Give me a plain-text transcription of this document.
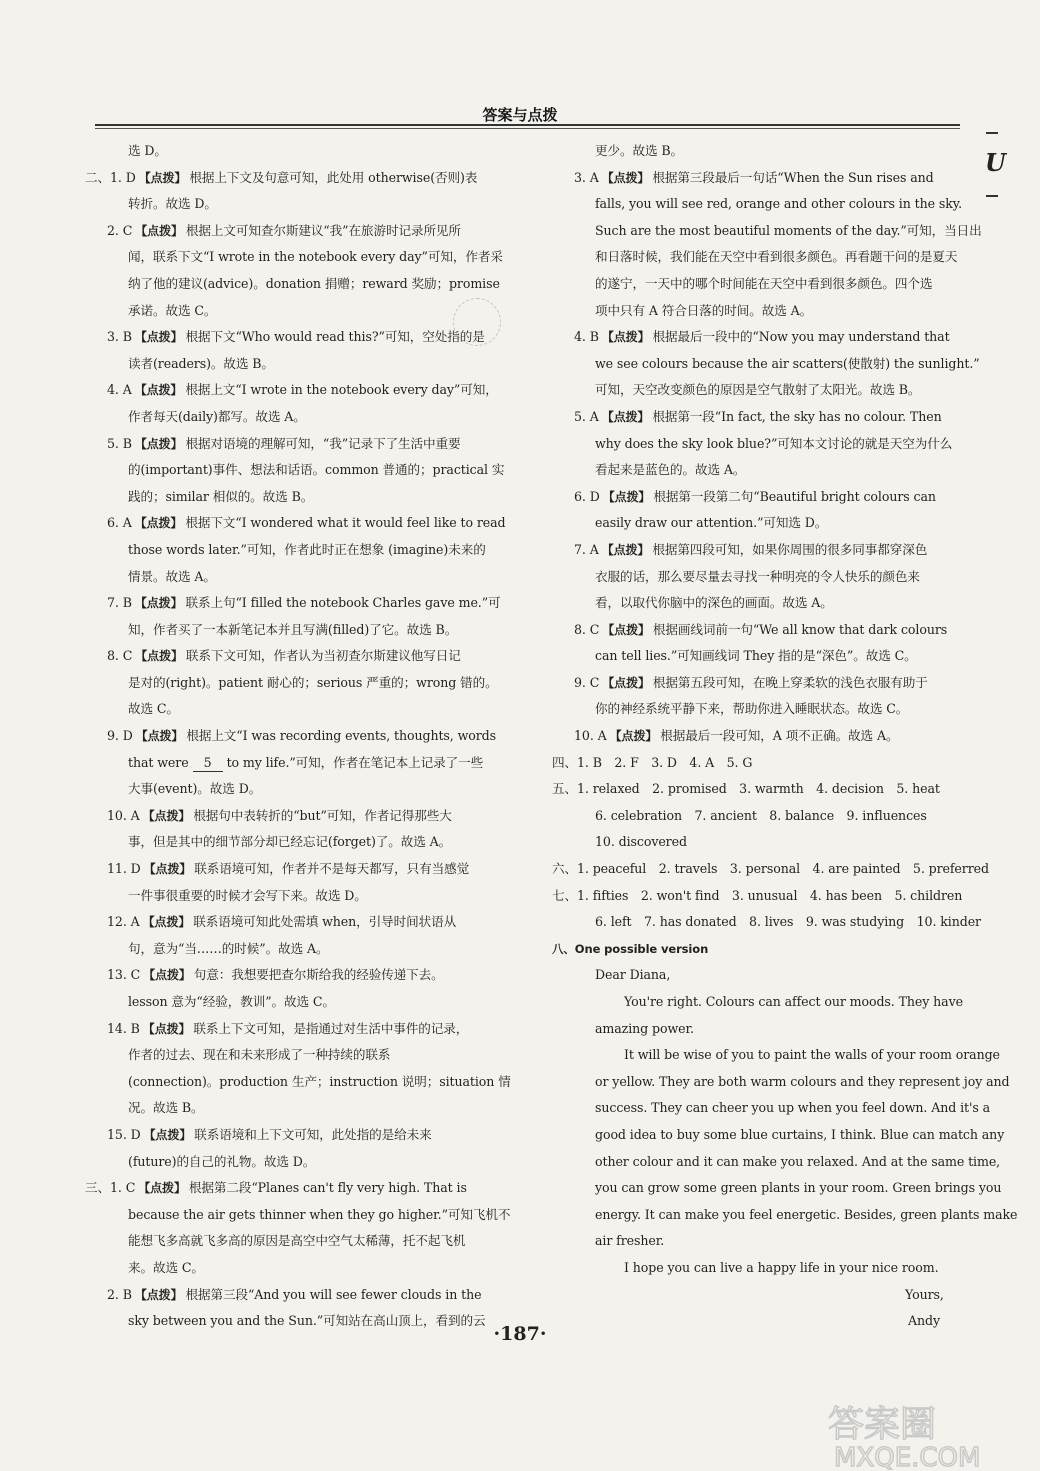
答案与点拨
U
选 D。
二、1. D 【点拨】 根据上下文及句意可知，此处用 otherwise(否则)表
转折。故选 D。
2. C 【点拨】 根据上文可知查尔斯建议“我”在旅游时记录所见所
闻，联系下文“I wrote in the notebook every day”可知，作者采
纳了他的建议(advice)。donation 捐赠；reward 奖励；promise
承诺。故选 C。
3. B 【点拨】 根据下文“Who would read this?”可知，空处指的是
读者(readers)。故选 B。
4. A 【点拨】 根据上文“I wrote in the notebook every day”可知，
作者每天(daily)都写。故选 A。
5. B 【点拨】 根据对语境的理解可知，“我”记录下了生活中重要
的(important)事件、想法和话语。common 普通的；practical 实
践的；similar 相似的。故选 B。
6. A 【点拨】 根据下文“I wondered what it would feel like to read
those words later.”可知，作者此时正在想象 (imagine)未来的
情景。故选 A。
7. B 【点拨】 联系上句“I filled the notebook Charles gave me.”可
知，作者买了一本新笔记本并且写满(filled)了它。故选 B。
8. C 【点拨】 联系下文可知，作者认为当初查尔斯建议他写日记
是对的(right)。patient 耐心的；serious 严重的；wrong 错的。
故选 C。
9. D 【点拨】 根据上文“I was recording events, thoughts, words
that were 5 to my life.”可知，作者在笔记本上记录了一些
大事(event)。故选 D。
10. A 【点拨】 根据句中表转折的“but”可知，作者记得那些大
事，但是其中的细节部分却已经忘记(forget)了。故选 A。
11. D 【点拨】 联系语境可知，作者并不是每天都写，只有当感觉
一件事很重要的时候才会写下来。故选 D。
12. A 【点拨】 联系语境可知此处需填 when，引导时间状语从
句，意为“当……的时候”。故选 A。
13. C 【点拨】 句意：我想要把查尔斯给我的经验传递下去。
lesson 意为“经验，教训”。故选 C。
14. B 【点拨】 联系上下文可知，是指通过对生活中事件的记录，
作者的过去、现在和未来形成了一种持续的联系
(connection)。production 生产；instruction 说明；situation 情
况。故选 B。
15. D 【点拨】 联系语境和上下文可知，此处指的是给未来
(future)的自己的礼物。故选 D。
三、1. C 【点拨】 根据第二段“Planes can't fly very high. That is
because the air gets thinner when they go higher.”可知飞机不
能想飞多高就飞多高的原因是高空中空气太稀薄，托不起飞机
来。故选 C。
2. B 【点拨】 根据第三段“And you will see fewer clouds in the
sky between you and the Sun.”可知站在高山顶上，看到的云
更少。故选 B。
3. A 【点拨】 根据第三段最后一句话“When the Sun rises and
falls, you will see red, orange and other colours in the sky.
Such are the most beautiful moments of the day.”可知，当日出
和日落时候，我们能在天空中看到很多颜色。再看题干问的是夏天
的遂宁，一天中的哪个时间能在天空中看到很多颜色。四个选
项中只有 A 符合日落的时间。故选 A。
4. B 【点拨】 根据最后一段中的“Now you may understand that
we see colours because the air scatters(使散射) the sunlight.”
可知，天空改变颜色的原因是空气散射了太阳光。故选 B。
5. A 【点拨】 根据第一段“In fact, the sky has no colour. Then
why does the sky look blue?”可知本文讨论的就是天空为什么
看起来是蓝色的。故选 A。
6. D 【点拨】 根据第一段第二句“Beautiful bright colours can
easily draw our attention.”可知选 D。
7. A 【点拨】 根据第四段可知，如果你周围的很多同事都穿深色
衣服的话，那么要尽量去寻找一种明亮的令人快乐的颜色来
看，以取代你脑中的深色的画面。故选 A。
8. C 【点拨】 根据画线词前一句“We all know that dark colours
can tell lies.”可知画线词 They 指的是“深色”。故选 C。
9. C 【点拨】 根据第五段可知，在晚上穿柔软的浅色衣服有助于
你的神经系统平静下来，帮助你进入睡眠状态。故选 C。
10. A 【点拨】 根据最后一段可知，A 项不正确。故选 A。
四、1. B　2. F　3. D　4. A　5. G
五、1. relaxed　2. promised　3. warmth　4. decision　5. heat
6. celebration　7. ancient　8. balance　9. influences
10. discovered
六、1. peaceful　2. travels　3. personal　4. are painted　5. preferred
七、1. fifties　2. won't find　3. unusual　4. has been　5. children
6. left　7. has donated　8. lives　9. was studying　10. kinder
八、One possible version
Dear Diana,
You're right. Colours can affect our moods. They have
amazing power.
It will be wise of you to paint the walls of your room orange
or yellow. They are both warm colours and they represent joy and
success. They can cheer you up when you feel down. And it's a
good idea to buy some blue curtains, I think. Blue can match any
other colour and it can make you relaxed. And at the same time,
you can grow some green plants in your room. Green brings you
energy. It can make you feel energetic. Besides, green plants make
air fresher.
I hope you can live a happy life in your nice room.
Yours,
Andy
·187·
答案圈
MXQE.COM
